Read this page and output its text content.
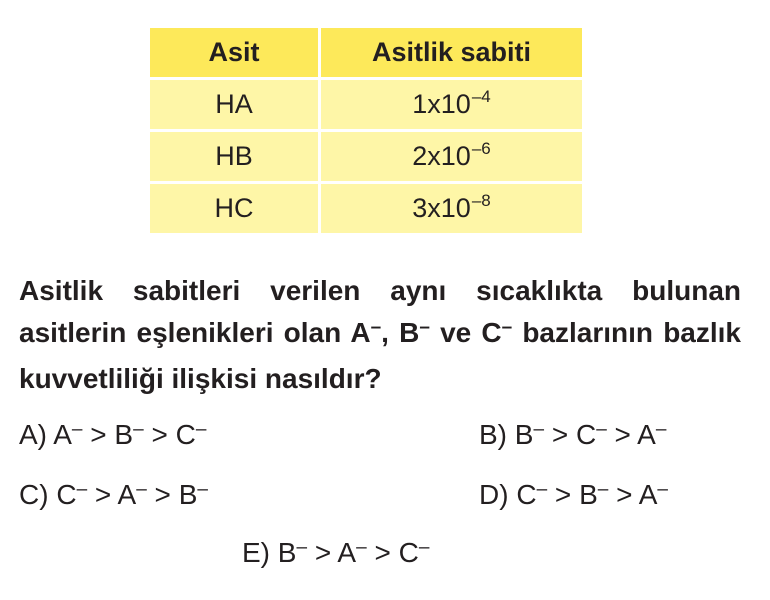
Asit	Asitlik sabiti
HA	$1x10^{-4}$
HB	$2x10^{-6}$
HC	$3x10^{-8}$
Asitlik sabitleri verilen aynı sıcaklıkta bulunan asitlerin eşlenikleri olan A–, B– ve C– bazlarının bazlık kuvvetliliği ilişkisi nasıldır?
A) A– > B– > C–	B) B– > C– > A–
C) C– > A– > B–	D) C– > B– > A–
E) B– > A– > C–
